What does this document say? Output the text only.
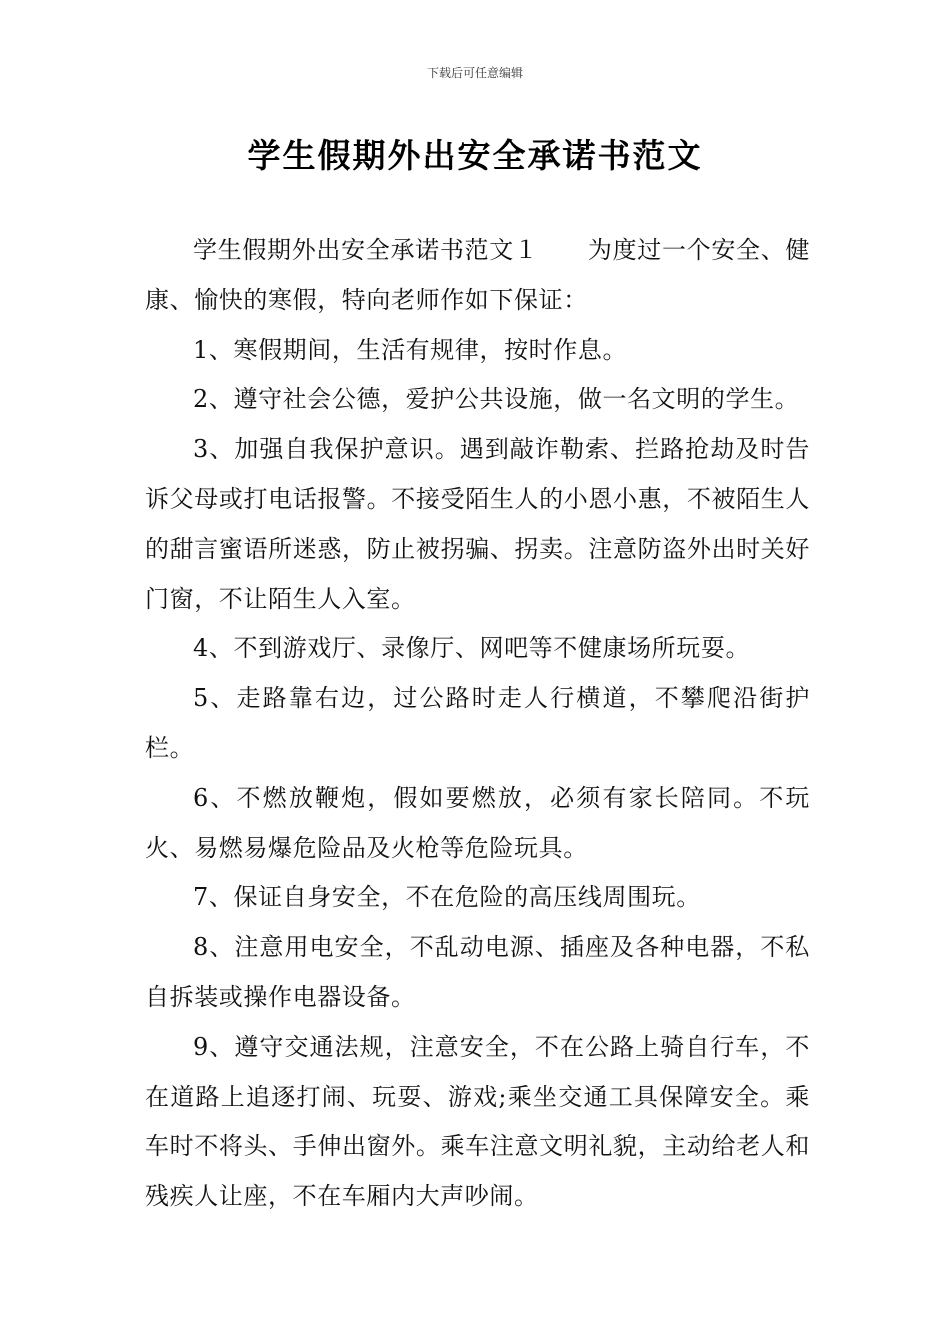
下载后可任意编辑
学生假期外出安全承诺书范文

学生假期外出安全承诺书范文１　　为度过一个安全、健康、愉快的寒假，特向老师作如下保证：

1、寒假期间，生活有规律，按时作息。

2、遵守社会公德，爱护公共设施，做一名文明的学生。

3、加强自我保护意识。遇到敲诈勒索、拦路抢劫及时告诉父母或打电话报警。不接受陌生人的小恩小惠，不被陌生人的甜言蜜语所迷惑，防止被拐骗、拐卖。注意防盗外出时关好门窗，不让陌生人入室。

4、不到游戏厅、录像厅、网吧等不健康场所玩耍。

5、走路靠右边，过公路时走人行横道，不攀爬沿街护栏。

6、不燃放鞭炮，假如要燃放，必须有家长陪同。不玩火、易燃易爆危险品及火枪等危险玩具。

7、保证自身安全，不在危险的高压线周围玩。

8、注意用电安全，不乱动电源、插座及各种电器，不私自拆装或操作电器设备。

9、遵守交通法规，注意安全，不在公路上骑自行车，不在道路上追逐打闹、玩耍、游戏;乘坐交通工具保障安全。乘车时不将头、手伸出窗外。乘车注意文明礼貌，主动给老人和残疾人让座，不在车厢内大声吵闹。
